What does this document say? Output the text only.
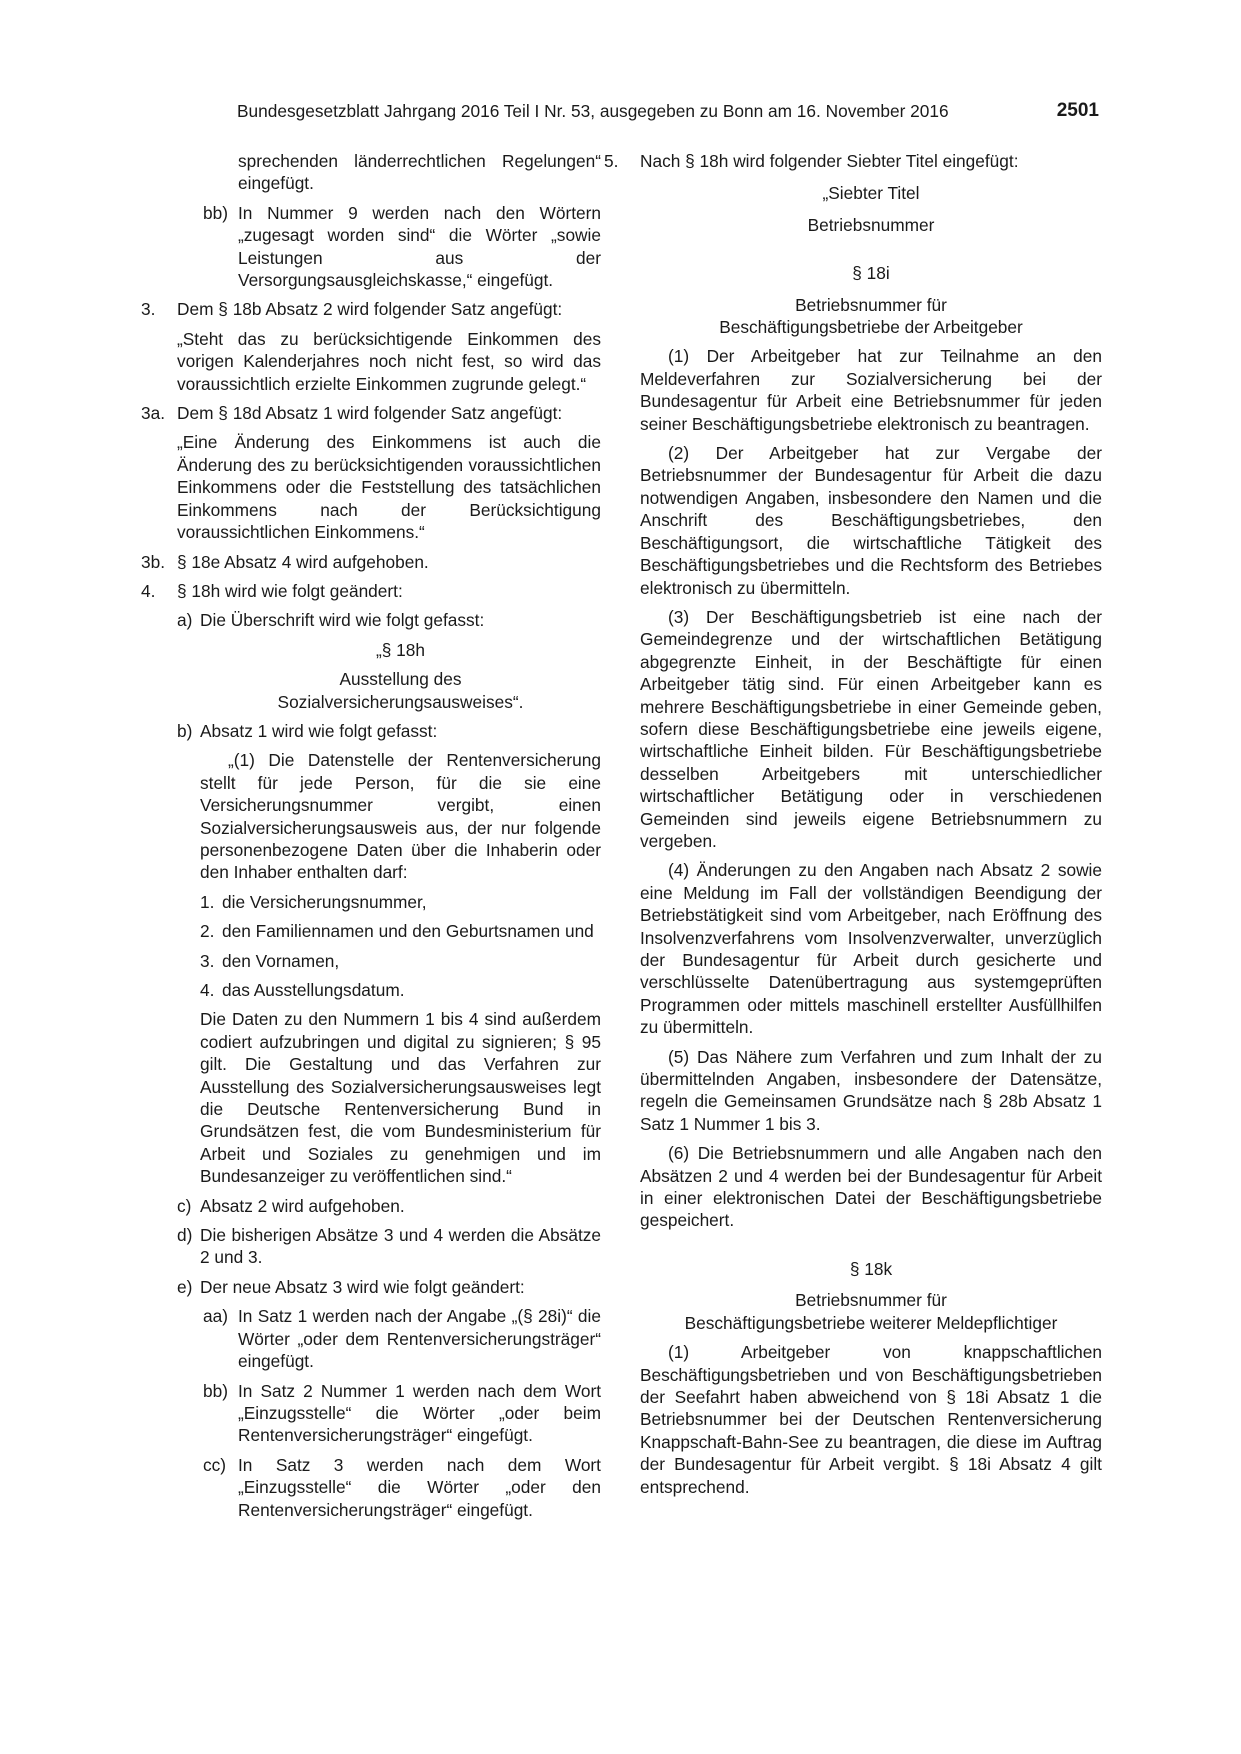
Bundesgesetzblatt Jahrgang 2016 Teil I Nr. 53, ausgegeben zu Bonn am 16. November 2016	2501
sprechenden länderrechtlichen Regelungen“ eingefügt.
bb) In Nummer 9 werden nach den Wörtern „zugesagt worden sind“ die Wörter „sowie Leistungen aus der Versorgungsausgleichskasse,“ eingefügt.
3.	Dem § 18b Absatz 2 wird folgender Satz angefügt:
„Steht das zu berücksichtigende Einkommen des vorigen Kalenderjahres noch nicht fest, so wird das voraussichtlich erzielte Einkommen zugrunde gelegt.“
3a. Dem § 18d Absatz 1 wird folgender Satz angefügt:
„Eine Änderung des Einkommens ist auch die Änderung des zu berücksichtigenden voraussichtlichen Einkommens oder die Feststellung des tatsächlichen Einkommens nach der Berücksichtigung voraussichtlichen Einkommens.“
3b. § 18e Absatz 4 wird aufgehoben.
4.	§ 18h wird wie folgt geändert:
a) Die Überschrift wird wie folgt gefasst:
„§ 18h
Ausstellung des
Sozialversicherungsausweises“.
b) Absatz 1 wird wie folgt gefasst:
„(1) Die Datenstelle der Rentenversicherung stellt für jede Person, für die sie eine Versicherungsnummer vergibt, einen Sozialversicherungsausweis aus, der nur folgende personenbezogene Daten über die Inhaberin oder den Inhaber enthalten darf:
1. die Versicherungsnummer,
2. den Familiennamen und den Geburtsnamen und
3. den Vornamen,
4. das Ausstellungsdatum.
Die Daten zu den Nummern 1 bis 4 sind außerdem codiert aufzubringen und digital zu signieren; § 95 gilt. Die Gestaltung und das Verfahren zur Ausstellung des Sozialversicherungsausweises legt die Deutsche Rentenversicherung Bund in Grundsätzen fest, die vom Bundesministerium für Arbeit und Soziales zu genehmigen und im Bundesanzeiger zu veröffentlichen sind.“
c) Absatz 2 wird aufgehoben.
d) Die bisherigen Absätze 3 und 4 werden die Absätze 2 und 3.
e) Der neue Absatz 3 wird wie folgt geändert:
aa) In Satz 1 werden nach der Angabe „(§ 28i)“ die Wörter „oder dem Rentenversicherungsträger“ eingefügt.
bb) In Satz 2 Nummer 1 werden nach dem Wort „Einzugsstelle“ die Wörter „oder beim Rentenversicherungsträger“ eingefügt.
cc) In Satz 3 werden nach dem Wort „Einzugsstelle“ die Wörter „oder den Rentenversicherungsträger“ eingefügt.
5.	Nach § 18h wird folgender Siebter Titel eingefügt:
„Siebter Titel
Betriebsnummer
§ 18i
Betriebsnummer für
Beschäftigungsbetriebe der Arbeitgeber
(1) Der Arbeitgeber hat zur Teilnahme an den Meldeverfahren zur Sozialversicherung bei der Bundesagentur für Arbeit eine Betriebsnummer für jeden seiner Beschäftigungsbetriebe elektronisch zu beantragen.
(2) Der Arbeitgeber hat zur Vergabe der Betriebsnummer der Bundesagentur für Arbeit die dazu notwendigen Angaben, insbesondere den Namen und die Anschrift des Beschäftigungsbetriebes, den Beschäftigungsort, die wirtschaftliche Tätigkeit des Beschäftigungsbetriebes und die Rechtsform des Betriebes elektronisch zu übermitteln.
(3) Der Beschäftigungsbetrieb ist eine nach der Gemeindegrenze und der wirtschaftlichen Betätigung abgegrenzte Einheit, in der Beschäftigte für einen Arbeitgeber tätig sind. Für einen Arbeitgeber kann es mehrere Beschäftigungsbetriebe in einer Gemeinde geben, sofern diese Beschäftigungsbetriebe eine jeweils eigene, wirtschaftliche Einheit bilden. Für Beschäftigungsbetriebe desselben Arbeitgebers mit unterschiedlicher wirtschaftlicher Betätigung oder in verschiedenen Gemeinden sind jeweils eigene Betriebsnummern zu vergeben.
(4) Änderungen zu den Angaben nach Absatz 2 sowie eine Meldung im Fall der vollständigen Beendigung der Betriebstätigkeit sind vom Arbeitgeber, nach Eröffnung des Insolvenzverfahrens vom Insolvenzverwalter, unverzüglich der Bundesagentur für Arbeit durch gesicherte und verschlüsselte Datenübertragung aus systemgeprüften Programmen oder mittels maschinell erstellter Ausfüllhilfen zu übermitteln.
(5) Das Nähere zum Verfahren und zum Inhalt der zu übermittelnden Angaben, insbesondere der Datensätze, regeln die Gemeinsamen Grundsätze nach § 28b Absatz 1 Satz 1 Nummer 1 bis 3.
(6) Die Betriebsnummern und alle Angaben nach den Absätzen 2 und 4 werden bei der Bundesagentur für Arbeit in einer elektronischen Datei der Beschäftigungsbetriebe gespeichert.
§ 18k
Betriebsnummer für
Beschäftigungsbetriebe weiterer Meldepflichtiger
(1) Arbeitgeber von knappschaftlichen Beschäftigungsbetrieben und von Beschäftigungsbetrieben der Seefahrt haben abweichend von § 18i Absatz 1 die Betriebsnummer bei der Deutschen Rentenversicherung Knappschaft-Bahn-See zu beantragen, die diese im Auftrag der Bundesagentur für Arbeit vergibt. § 18i Absatz 4 gilt entsprechend.
